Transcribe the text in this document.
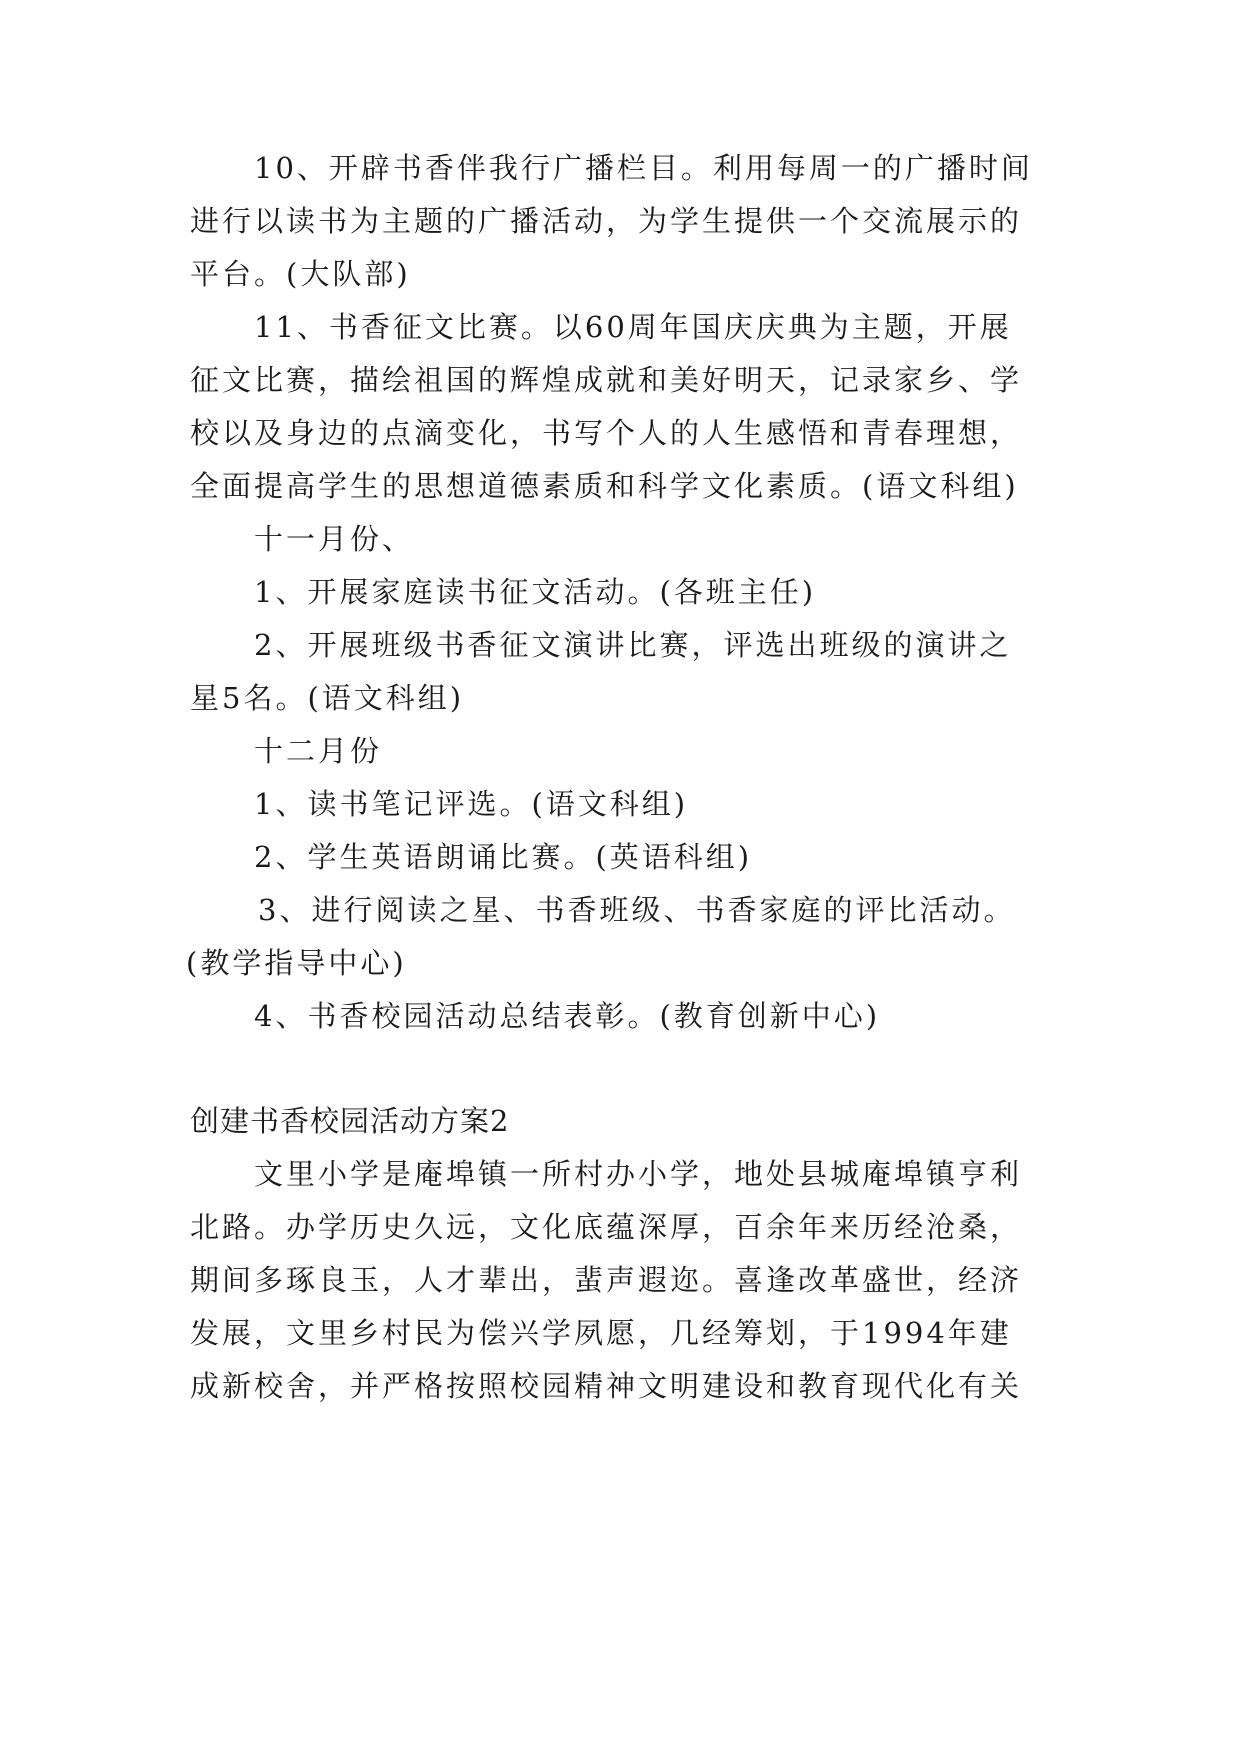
10、开辟书香伴我行广播栏目。利用每周一的广播时间

进行以读书为主题的广播活动，为学生提供一个交流展示的

平台。(大队部)

11、书香征文比赛。以60周年国庆庆典为主题，开展

征文比赛，描绘祖国的辉煌成就和美好明天，记录家乡、学

校以及身边的点滴变化，书写个人的人生感悟和青春理想，

全面提高学生的思想道德素质和科学文化素质。(语文科组)

十一月份、

1、开展家庭读书征文活动。(各班主任)

2、开展班级书香征文演讲比赛，评选出班级的演讲之

星5名。(语文科组)

十二月份

1、读书笔记评选。(语文科组)

2、学生英语朗诵比赛。(英语科组)

3、进行阅读之星、书香班级、书香家庭的评比活动。

(教学指导中心)

4、书香校园活动总结表彰。(教育创新中心)

创建书香校园活动方案2

文里小学是庵埠镇一所村办小学，地处县城庵埠镇亨利

北路。办学历史久远，文化底蕴深厚，百余年来历经沧桑，

期间多琢良玉，人才辈出，蜚声遐迩。喜逢改革盛世，经济

发展，文里乡村民为偿兴学夙愿，几经筹划，于1994年建

成新校舍，并严格按照校园精神文明建设和教育现代化有关
